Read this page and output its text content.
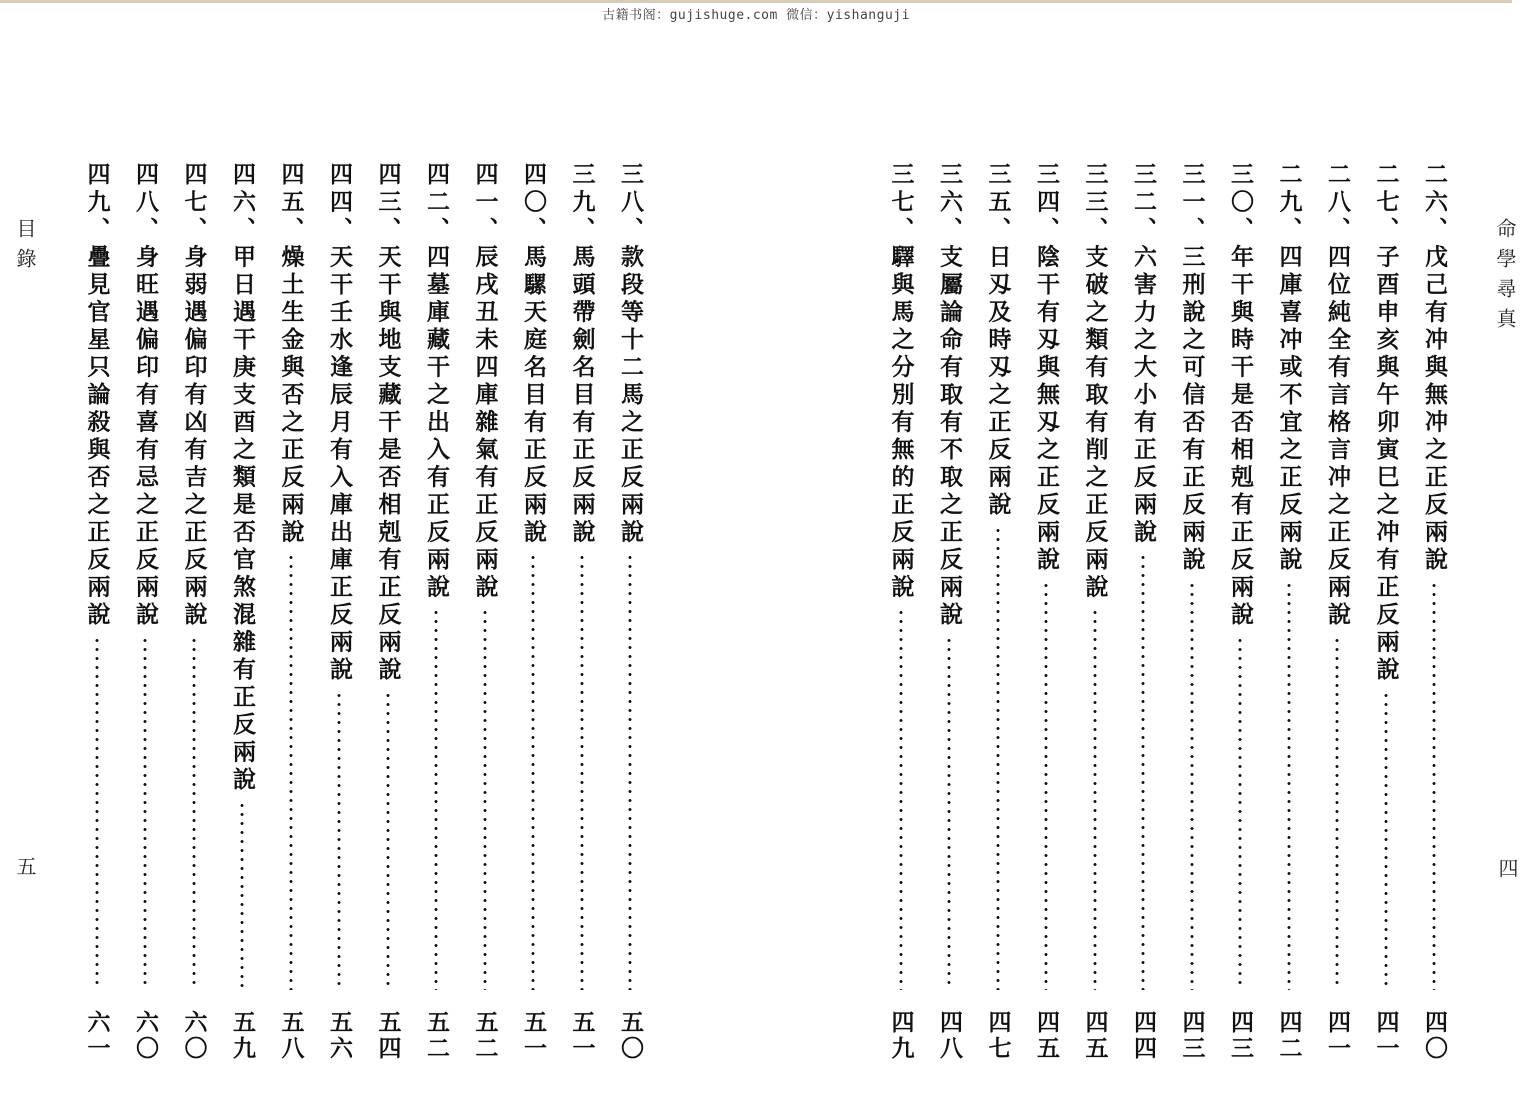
古籍书阁：gujishuge.com 微信：yishanguji
命學尋真
四
二六、戊己有冲與無冲之正反兩說
四〇
二七、子酉申亥與午卯寅巳之冲有正反兩說
四一
二八、四位純全有言格言冲之正反兩說
四一
二九、四庫喜冲或不宜之正反兩說
四二
三〇、年干與時干是否相剋有正反兩說
四三
三一、三刑說之可信否有正反兩說
四三
三二、六害力之大小有正反兩說
四四
三三、支破之類有取有削之正反兩說
四五
三四、陰干有刄與無刄之正反兩說
四五
三五、日刄及時刄之正反兩說
四七
三六、支屬論命有取有不取之正反兩說
四八
三七、驛與馬之分別有無的正反兩說
四九
目錄
五
三八、款段等十二馬之正反兩說
五〇
三九、馬頭帶劍名目有正反兩說
五一
四〇、馬騾天庭名目有正反兩說
五一
四一、辰戌丑未四庫雜氣有正反兩說
五二
四二、四墓庫藏干之出入有正反兩說
五二
四三、天干與地支藏干是否相剋有正反兩說
五四
四四、天干壬水逢辰月有入庫出庫正反兩說
五六
四五、燥土生金與否之正反兩說
五八
四六、甲日遇干庚支酉之類是否官煞混雜有正反兩說
五九
四七、身弱遇偏印有凶有吉之正反兩說
六〇
四八、身旺遇偏印有喜有忌之正反兩說
六〇
四九、疊見官星只論殺與否之正反兩說
六一
